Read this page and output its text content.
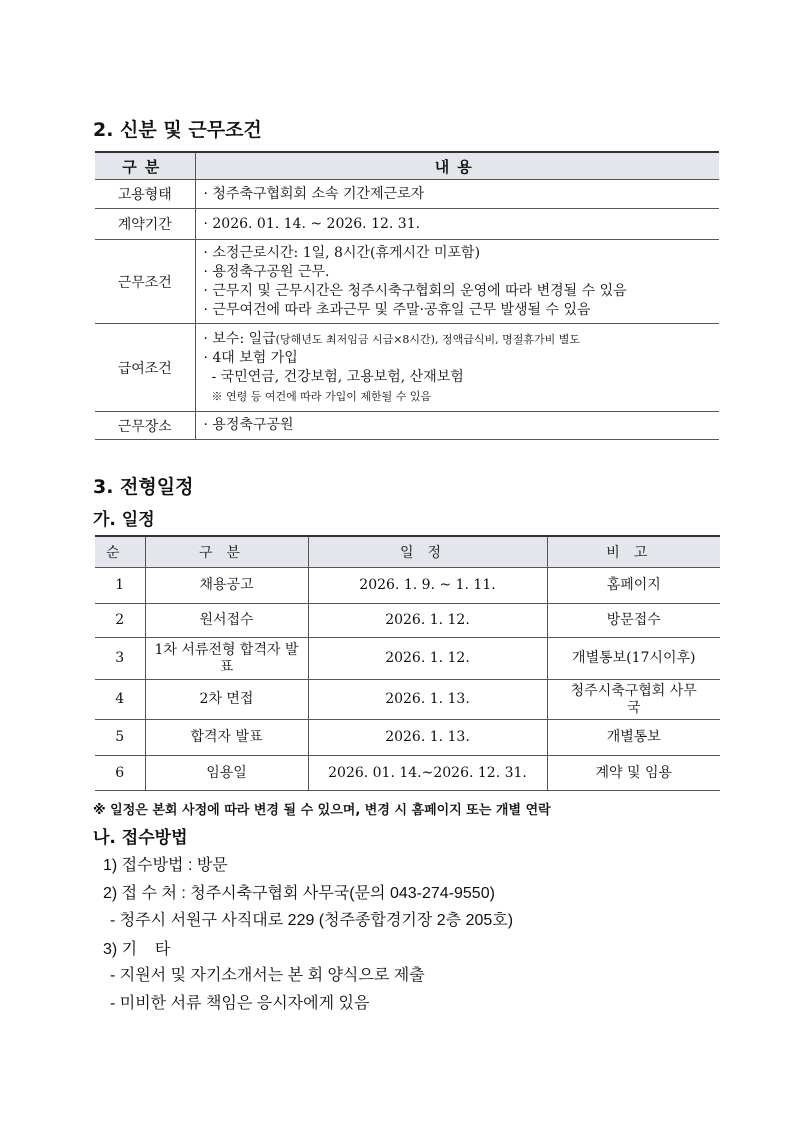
2. 신분 및 근무조건
구분	내용
고용형태	· 청주축구협회회 소속 기간제근로자

계약기간	· 2026. 01. 14. ~ 2026. 12. 31.

근무조건	· 소정근로시간: 1일, 8시간(휴게시간 미포함)
· 용정축구공원 근무.
· 근무지 및 근무시간은 청주시축구협회의 운영에 따라 변경될 수 있음
· 근무여건에 따라 초과근무 및 주말·공휴일 근무 발생될 수 있음

급여조건	· 보수: 일급(당해년도 최저임금 시급×8시간), 정액급식비, 명절휴가비 별도
· 4대 보험 가입
- 국민연금, 건강보험, 고용보험, 산재보험
※ 연령 등 여건에 따라 가입이 제한될 수 있음

근무장소	· 용정축구공원
3. 전형일정
가. 일정
순	구분	일정	비고
1	채용공고	2026. 1. 9. ~ 1. 11.	홈페이지
2	원서접수	2026. 1. 12.	방문접수
3	1차 서류전형 합격자 발표	2026. 1. 12.	개별통보(17시이후)
4	2차 면접	2026. 1. 13.	청주시축구협회 사무국
5	합격자 발표	2026. 1. 13.	개별통보
6	임용일	2026. 01. 14.~2026. 12. 31.	계약 및 임용
※ 일정은 본회 사정에 따라 변경 될 수 있으며, 변경 시 홈페이지 또는 개별 연락
나. 접수방법
1) 접수방법 : 방문
2) 접 수 처 : 청주시축구협회 사무국(문의 043-274-9550)
- 청주시 서원구 사직대로 229 (청주종합경기장 2층 205호)
3) 기    타
- 지원서 및 자기소개서는 본 회 양식으로 제출
- 미비한 서류 책임은 응시자에게 있음
